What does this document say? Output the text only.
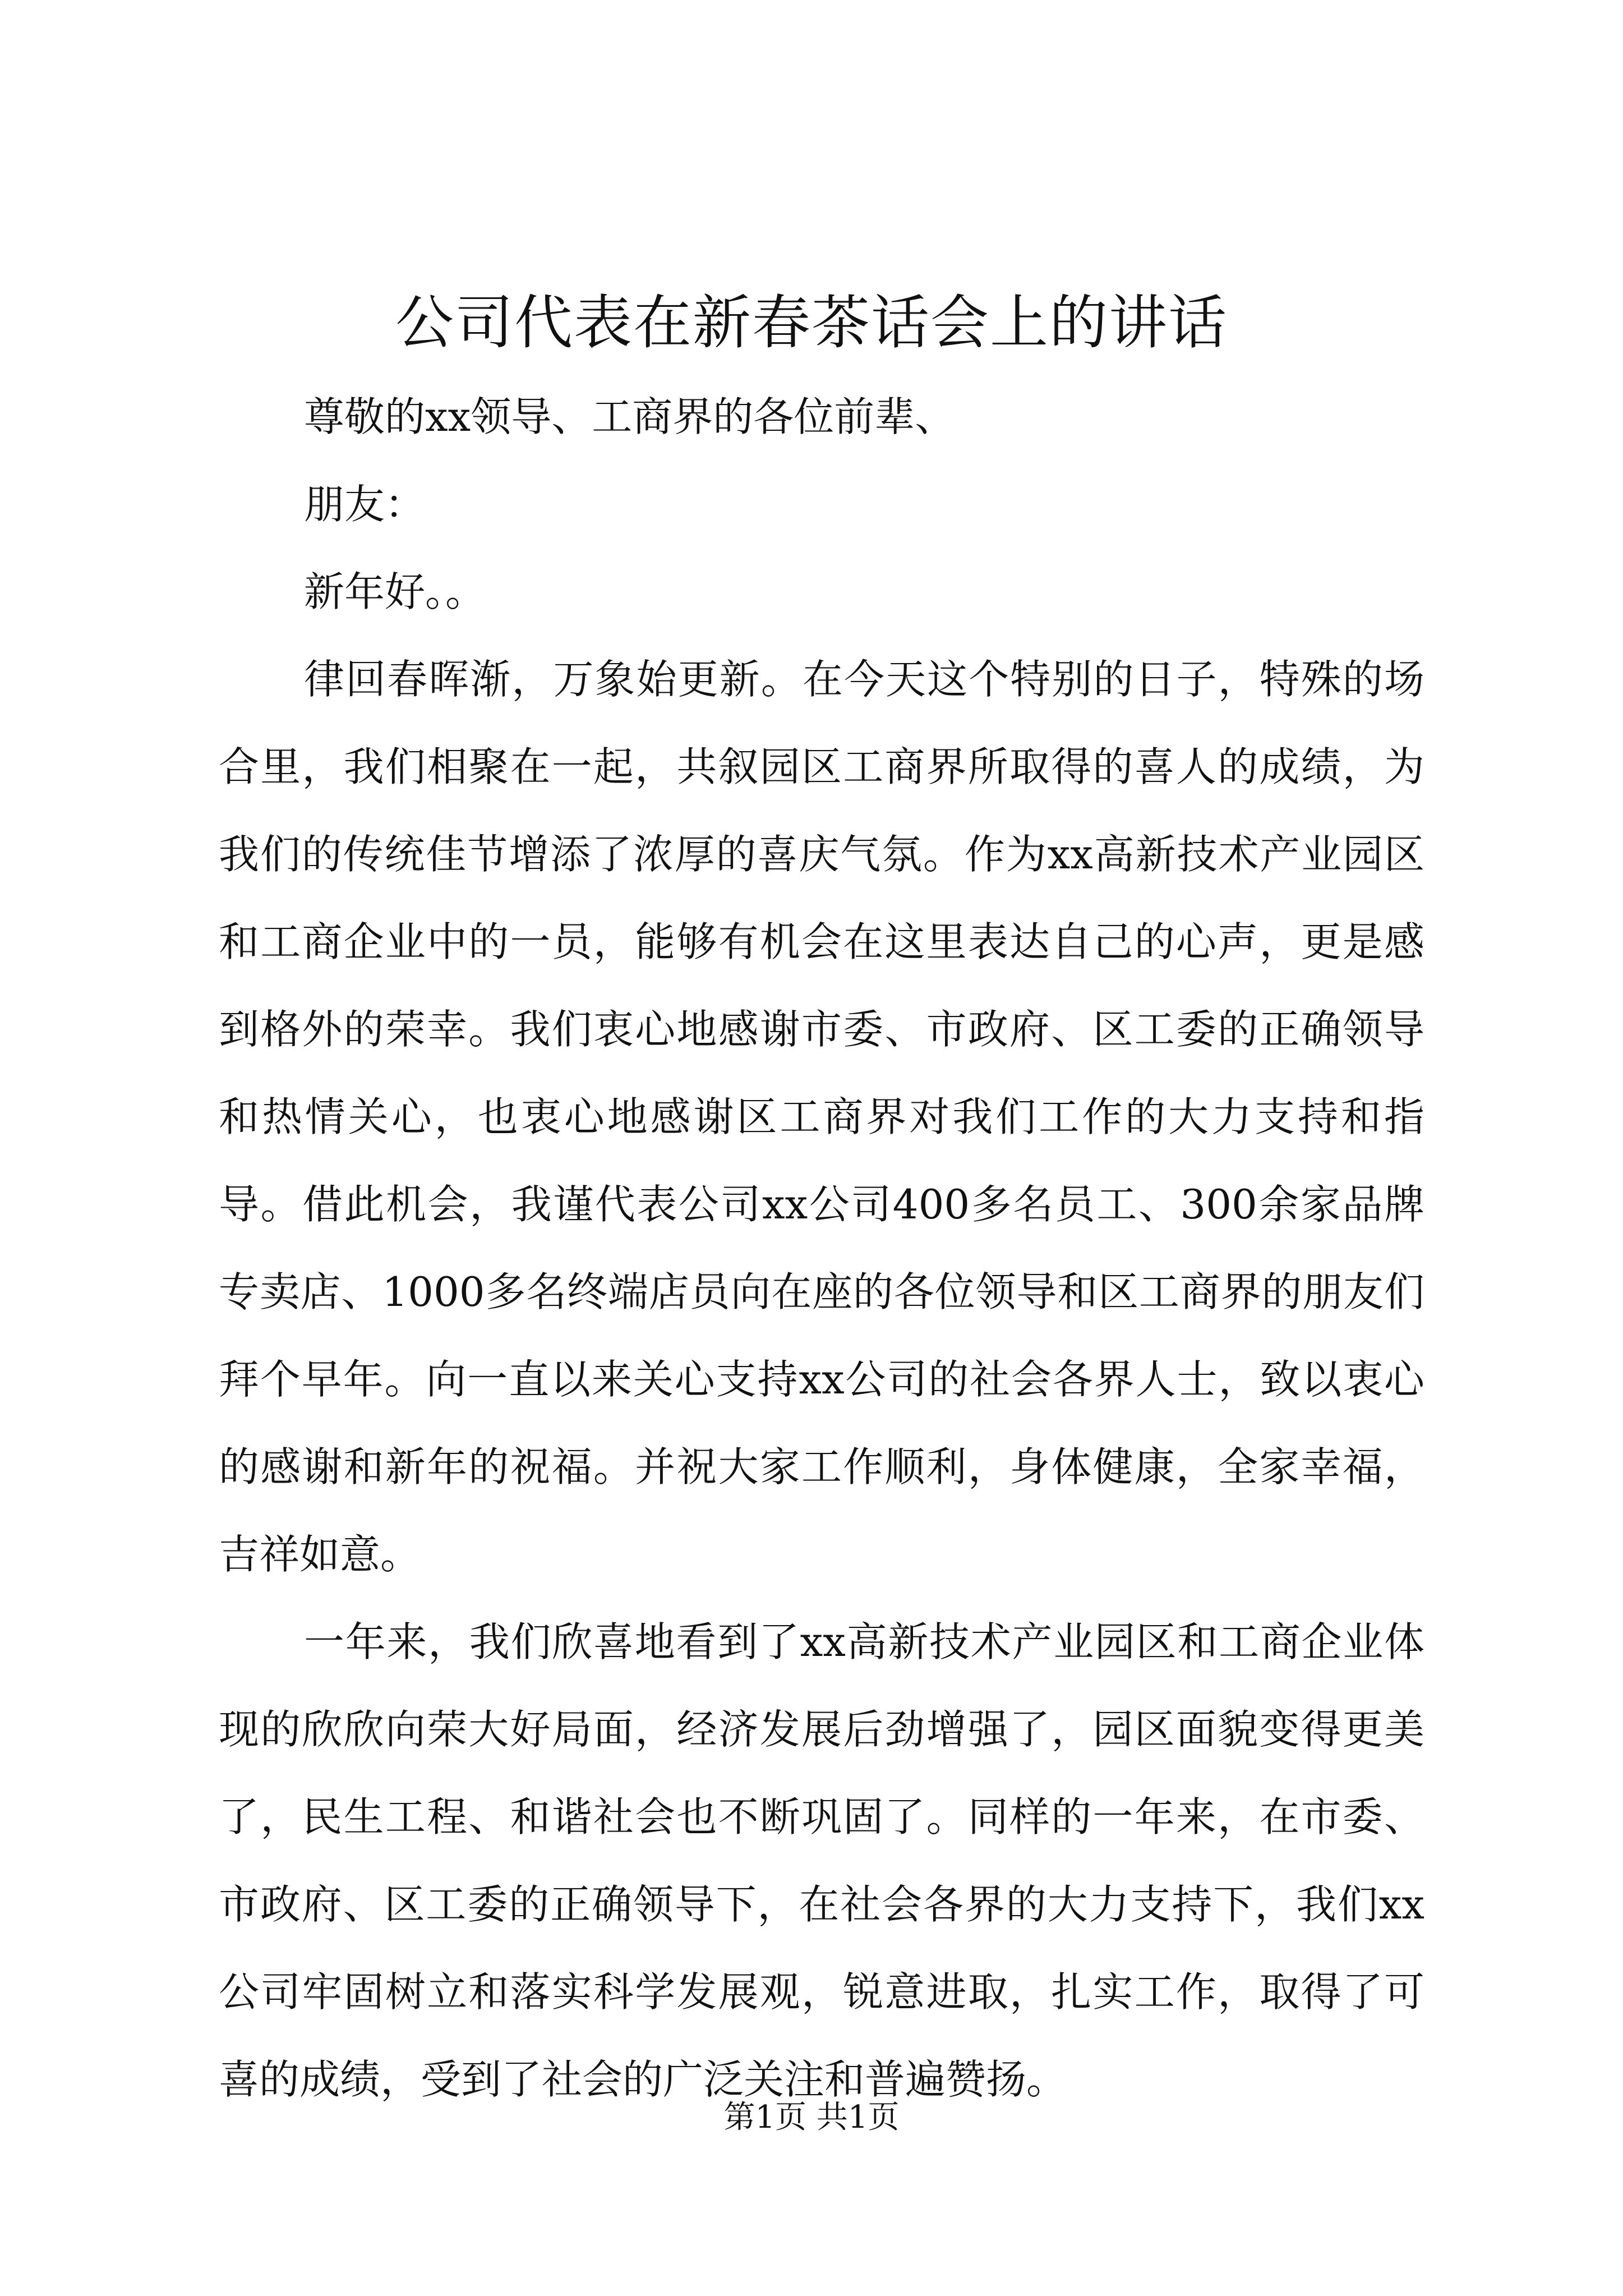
公司代表在新春茶话会上的讲话

尊敬的xx领导、工商界的各位前辈、

朋友：

新年好。。

律回春晖渐，万象始更新。在今天这个特别的日子，特殊的场合里，我们相聚在一起，共叙园区工商界所取得的喜人的成绩，为我们的传统佳节增添了浓厚的喜庆气氛。作为xx高新技术产业园区和工商企业中的一员，能够有机会在这里表达自己的心声，更是感到格外的荣幸。我们衷心地感谢市委、市政府、区工委的正确领导和热情关心，也衷心地感谢区工商界对我们工作的大力支持和指导。借此机会，我谨代表公司xx公司400多名员工、300余家品牌专卖店、1000多名终端店员向在座的各位领导和区工商界的朋友们拜个早年。向一直以来关心支持xx公司的社会各界人士，致以衷心的感谢和新年的祝福。并祝大家工作顺利，身体健康，全家幸福，吉祥如意。

一年来，我们欣喜地看到了xx高新技术产业园区和工商企业体现的欣欣向荣大好局面，经济发展后劲增强了，园区面貌变得更美了，民生工程、和谐社会也不断巩固了。同样的一年来，在市委、市政府、区工委的正确领导下，在社会各界的大力支持下，我们xx公司牢固树立和落实科学发展观，锐意进取，扎实工作，取得了可喜的成绩，受到了社会的广泛关注和普遍赞扬。

第1页 共1页
